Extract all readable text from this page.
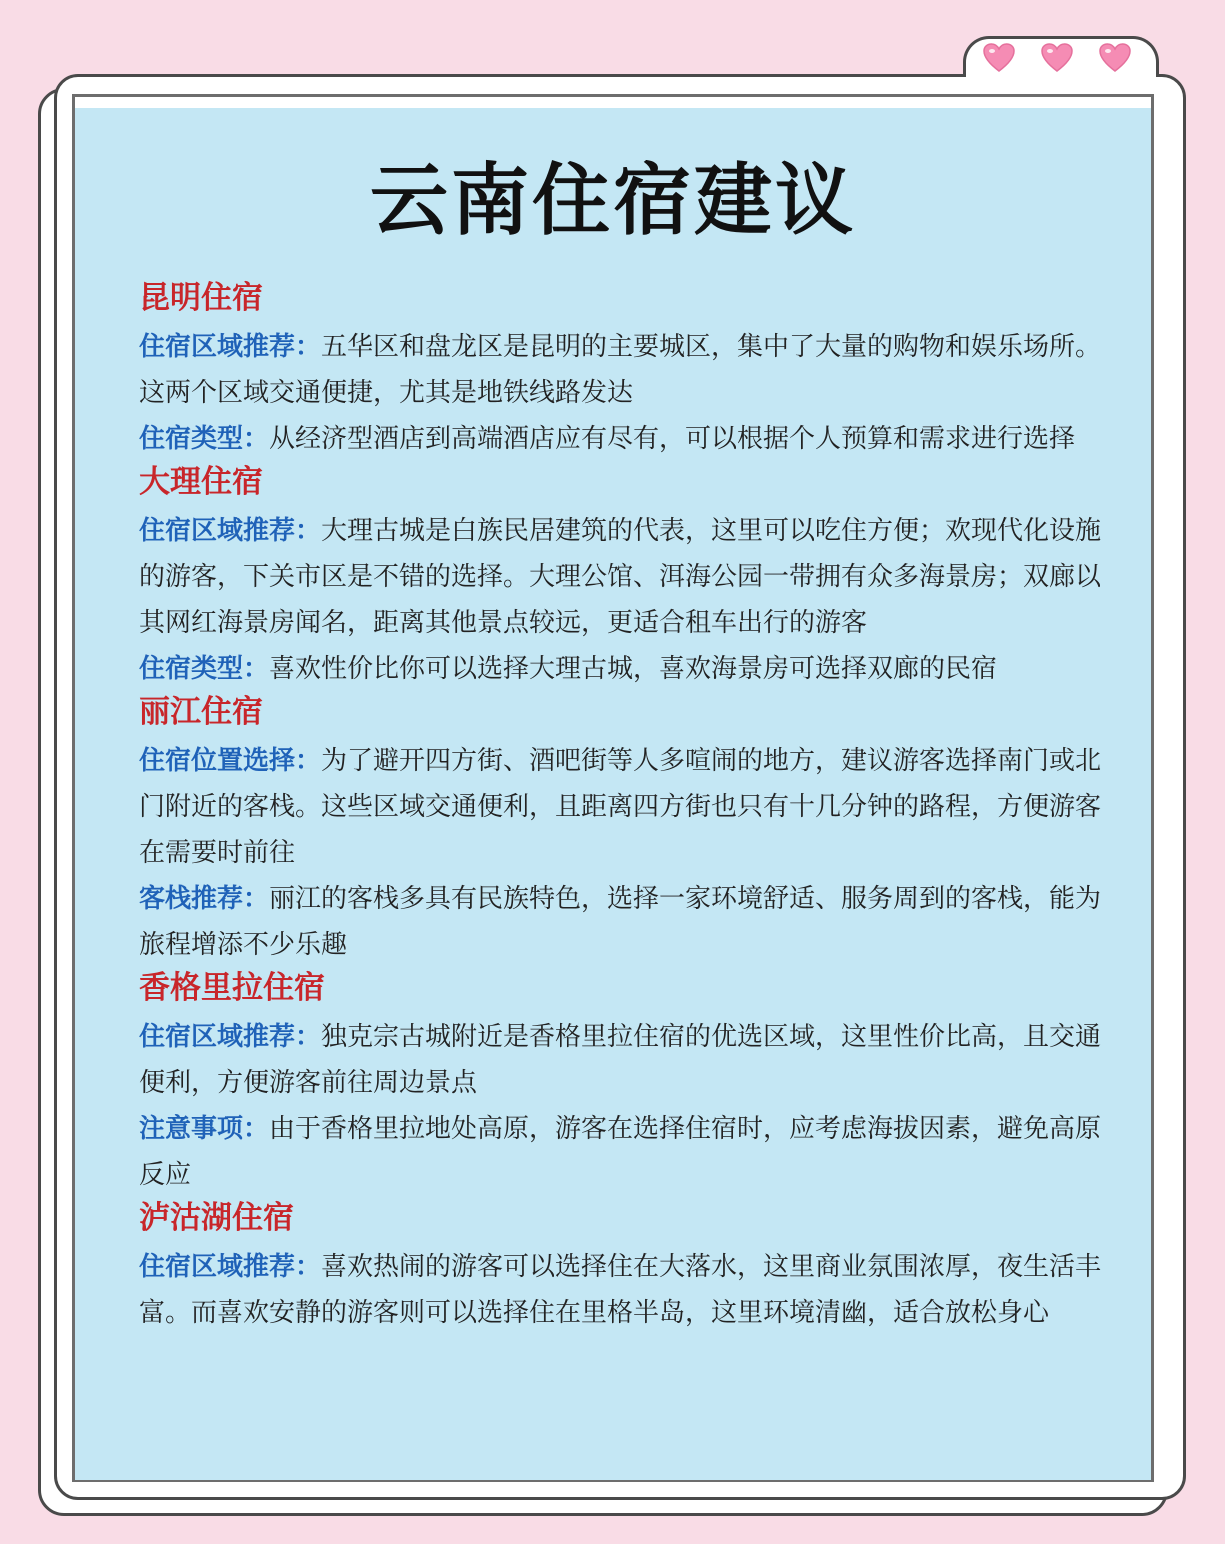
云南住宿建议
昆明住宿

住宿区域推荐：五华区和盘龙区是昆明的主要城区，集中了大量的购物和娱乐场所。这两个区域交通便捷，尤其是地铁线路发达

住宿类型：从经济型酒店到高端酒店应有尽有，可以根据个人预算和需求进行选择

大理住宿

住宿区域推荐：大理古城是白族民居建筑的代表，这里可以吃住方便；欢现代化设施的游客，下关市区是不错的选择。大理公馆、洱海公园一带拥有众多海景房；双廊以其网红海景房闻名，距离其他景点较远，更适合租车出行的游客

住宿类型：喜欢性价比你可以选择大理古城，喜欢海景房可选择双廊的民宿

丽江住宿

住宿位置选择：为了避开四方街、酒吧街等人多喧闹的地方，建议游客选择南门或北门附近的客栈。这些区域交通便利，且距离四方街也只有十几分钟的路程，方便游客在需要时前往

客栈推荐：丽江的客栈多具有民族特色，选择一家环境舒适、服务周到的客栈，能为旅程增添不少乐趣

香格里拉住宿

住宿区域推荐：独克宗古城附近是香格里拉住宿的优选区域，这里性价比高，且交通便利，方便游客前往周边景点

注意事项：由于香格里拉地处高原，游客在选择住宿时，应考虑海拔因素，避免高原反应

泸沽湖住宿

住宿区域推荐：喜欢热闹的游客可以选择住在大落水，这里商业氛围浓厚，夜生活丰富。而喜欢安静的游客则可以选择住在里格半岛，这里环境清幽，适合放松身心
